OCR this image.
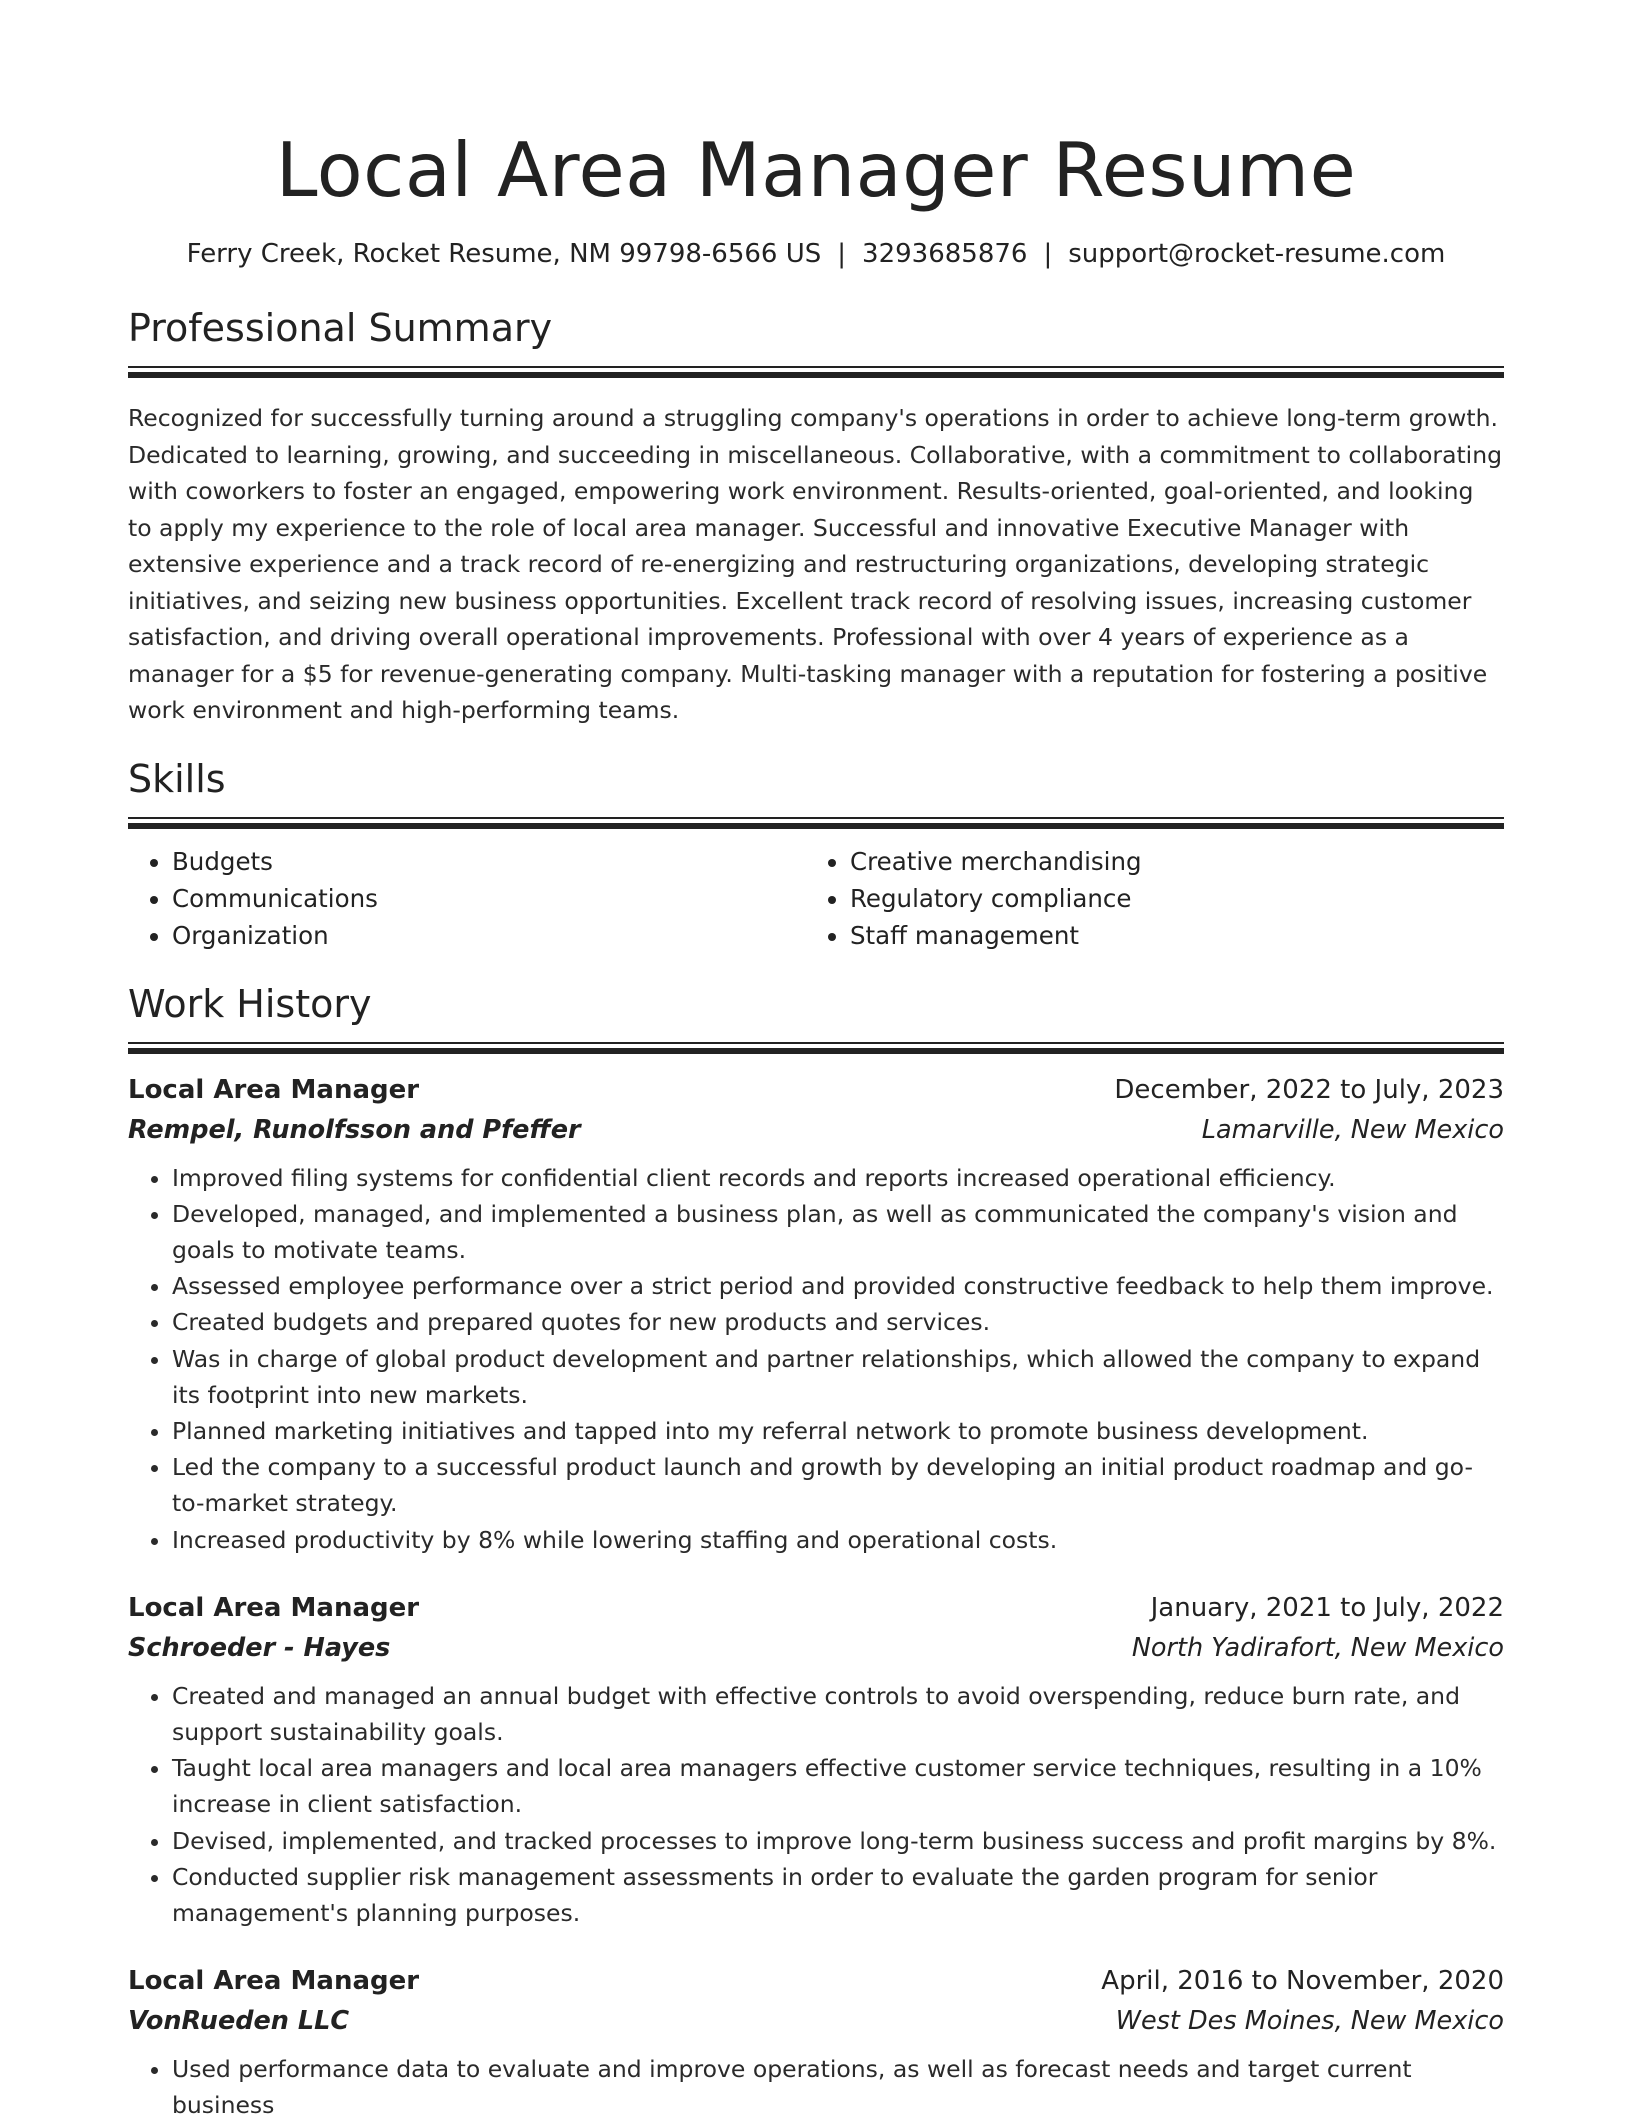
Local Area Manager Resume
Ferry Creek, Rocket Resume, NM 99798-6566 US | 3293685876 | support@rocket-resume.com
Professional Summary

Recognized for successfully turning around a struggling company's operations in order to achieve long-term growth. Dedicated to learning, growing, and succeeding in miscellaneous. Collaborative, with a commitment to collaborating with coworkers to foster an engaged, empowering work environment. Results-oriented, goal-oriented, and looking to apply my experience to the role of local area manager. Successful and innovative Executive Manager with extensive experience and a track record of re-energizing and restructuring organizations, developing strategic initiatives, and seizing new business opportunities. Excellent track record of resolving issues, increasing customer satisfaction, and driving overall operational improvements. Professional with over 4 years of experience as a manager for a $5 for revenue-generating company. Multi-tasking manager with a reputation for fostering a positive work environment and high-performing teams.

Skills
• Budgets
• Communications
• Organization
• Creative merchandising
• Regulatory compliance
• Staff management
Work History
Local Area Manager	December, 2022 to July, 2023
Rempel, Runolfsson and Pfeffer	Lamarville, New Mexico
• Improved filing systems for confidential client records and reports increased operational efficiency.
• Developed, managed, and implemented a business plan, as well as communicated the company's vision and goals to motivate teams.
• Assessed employee performance over a strict period and provided constructive feedback to help them improve.
• Created budgets and prepared quotes for new products and services.
• Was in charge of global product development and partner relationships, which allowed the company to expand its footprint into new markets.
• Planned marketing initiatives and tapped into my referral network to promote business development.
• Led the company to a successful product launch and growth by developing an initial product roadmap and go-to-market strategy.
• Increased productivity by 8% while lowering staffing and operational costs.
Local Area Manager	January, 2021 to July, 2022
Schroeder - Hayes	North Yadirafort, New Mexico
• Created and managed an annual budget with effective controls to avoid overspending, reduce burn rate, and support sustainability goals.
• Taught local area managers and local area managers effective customer service techniques, resulting in a 10% increase in client satisfaction.
• Devised, implemented, and tracked processes to improve long-term business success and profit margins by 8%.
• Conducted supplier risk management assessments in order to evaluate the garden program for senior management's planning purposes.
Local Area Manager	April, 2016 to November, 2020
VonRueden LLC	West Des Moines, New Mexico
• Used performance data to evaluate and improve operations, as well as forecast needs and target current business
